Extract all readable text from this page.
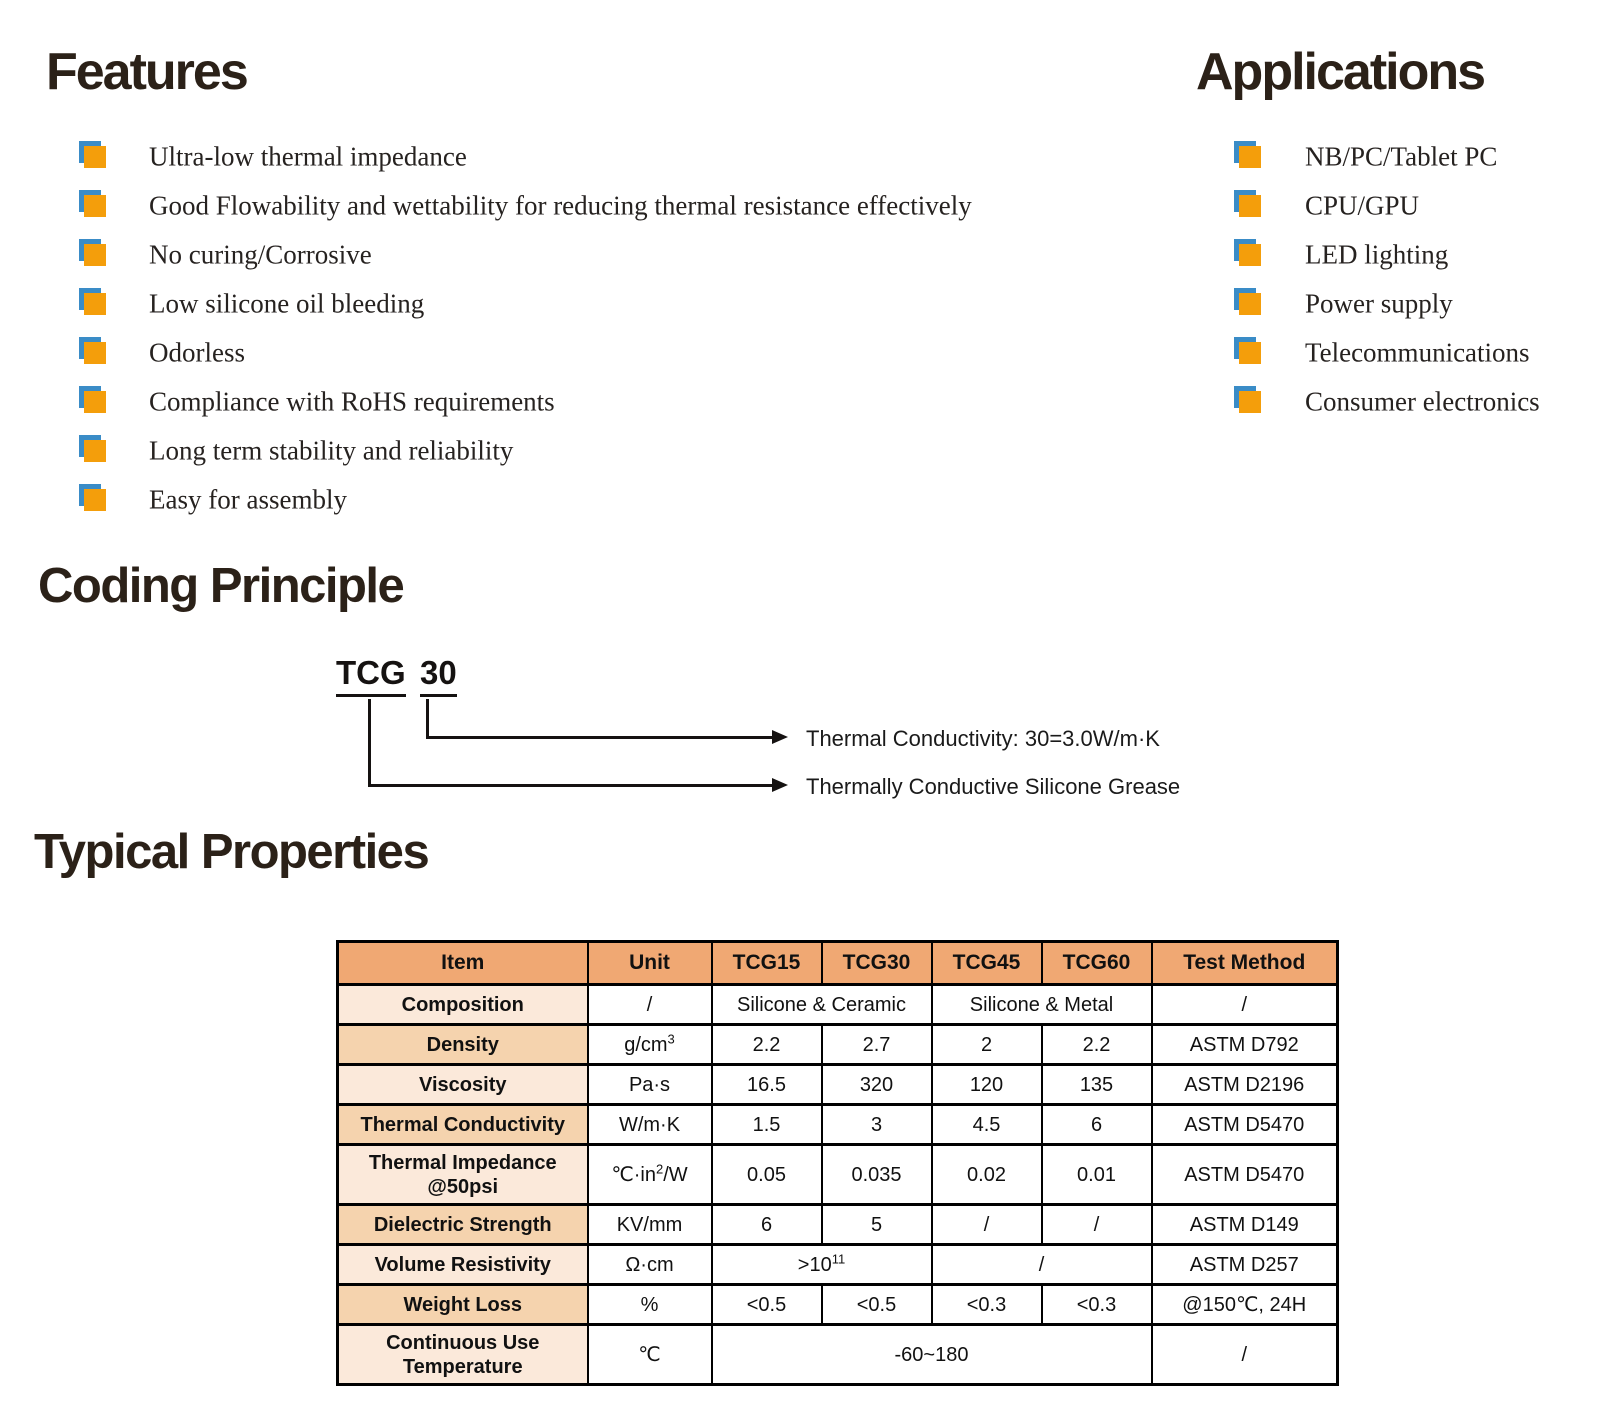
Features	Applications
Ultra-low thermal impedance
Good Flowability and wettability for reducing thermal resistance effectively
No curing/Corrosive
Low silicone oil bleeding
Odorless
Compliance with RoHS requirements
Long term stability and reliability
Easy for assembly
NB/PC/Tablet PC
CPU/GPU
LED lighting
Power supply
Telecommunications
Consumer electronics
Coding Principle
TCG 30
Thermal Conductivity: 30=3.0W/m·K
Thermally Conductive Silicone Grease
Typical Properties
Item	Unit	TCG15	TCG30	TCG45	TCG60	Test Method

Composition	/	Silicone & Ceramic		Silicone & Metal		/

Density	$g/cm^3$	2.2	2.7	2	2.2	ASTM D792

Viscosity	Pa·s	16.5	320	120	135	ASTM D2196

Thermal Conductivity	W/m·K	1.5	3	4.5	6	ASTM D5470

Thermal Impedance
@50psi	$℃\cdot in^2/W$	0.05	0.035	0.02	0.01	ASTM D5470

Dielectric Strength	KV/mm	6	5	/	/	ASTM D149

Volume Resistivity	Ω·cm	$>10^{11}$		/		ASTM D257

Weight Loss	%	<0.5	<0.5	<0.3	<0.3	@150℃, 24H

Continuous Use
Temperature	℃	-60~180				/
